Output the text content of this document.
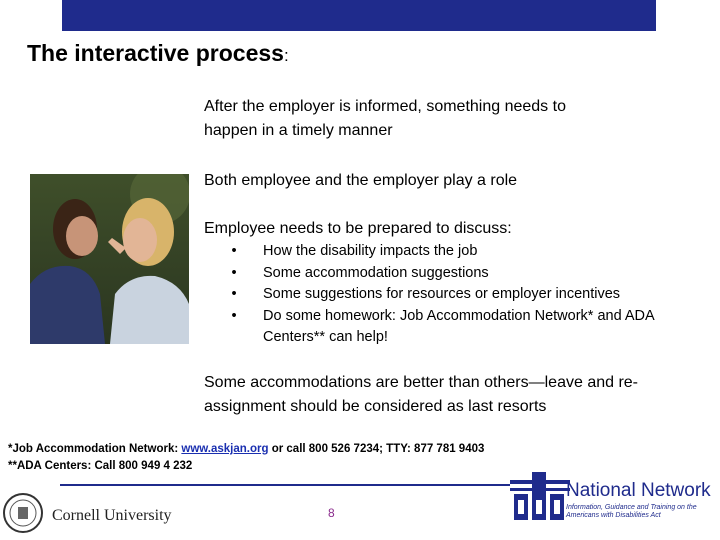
The interactive process:
After the employer is informed, something needs to happen in a timely manner
Both employee and the employer play a role
Employee needs to be prepared to discuss:
• How the disability impacts the job
• Some accommodation suggestions
• Some suggestions for resources or employer incentives
• Do some homework: Job Accommodation Network* and ADA Centers** can help!
Some accommodations are better than others—leave and re-assignment should be considered as last resorts
*Job Accommodation Network: www.askjan.org or call 800 526 7234; TTY: 877 781 9403
**ADA Centers: Call 800 949 4 232
Cornell University	8
National Network
Information, Guidance and Training on the Americans with Disabilities Act
